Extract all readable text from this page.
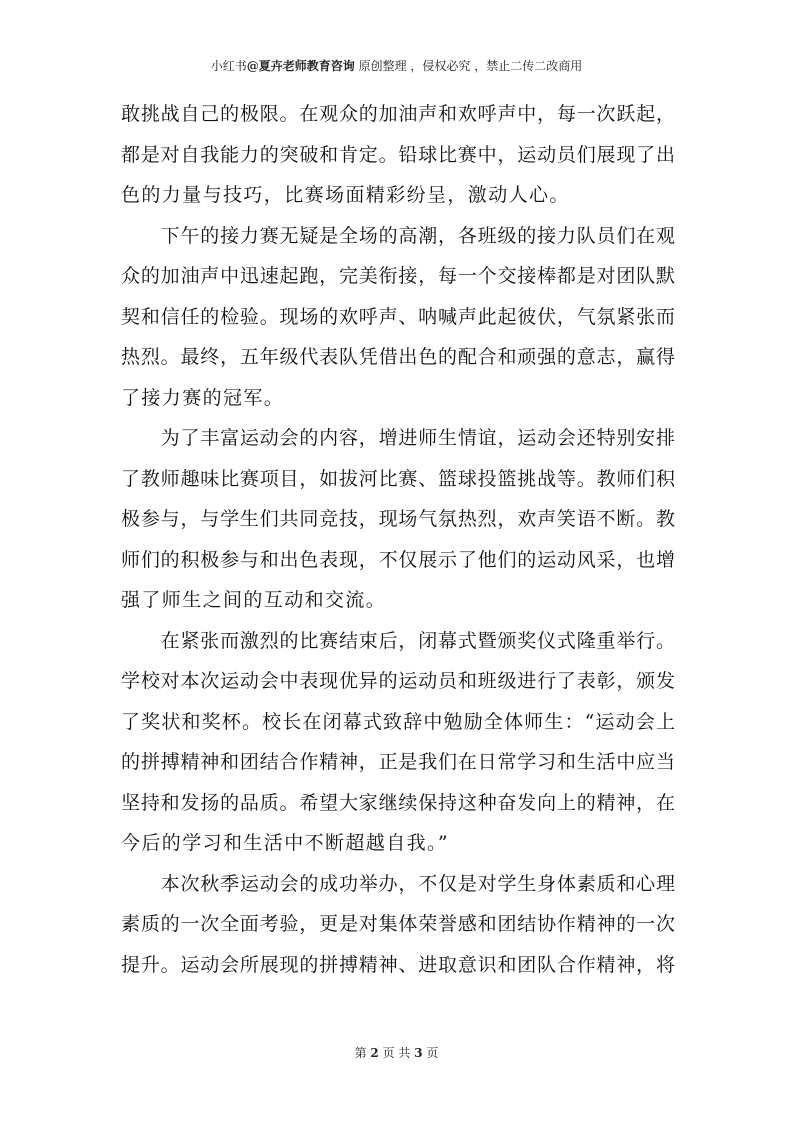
小红书@夏卉老师教育咨询 原创整理 ，侵权必究 ，禁止二传二改商用
敢挑战自己的极限。在观众的加油声和欢呼声中，每一次跃起，
都是对自我能力的突破和肯定。铅球比赛中，运动员们展现了出
色的力量与技巧，比赛场面精彩纷呈，激动人心。
　　下午的接力赛无疑是全场的高潮，各班级的接力队员们在观
众的加油声中迅速起跑，完美衔接，每一个交接棒都是对团队默
契和信任的检验。现场的欢呼声、呐喊声此起彼伏，气氛紧张而
热烈。最终，五年级代表队凭借出色的配合和顽强的意志，赢得
了接力赛的冠军。
　　为了丰富运动会的内容，增进师生情谊，运动会还特别安排
了教师趣味比赛项目，如拔河比赛、篮球投篮挑战等。教师们积
极参与，与学生们共同竞技，现场气氛热烈，欢声笑语不断。教
师们的积极参与和出色表现，不仅展示了他们的运动风采，也增
强了师生之间的互动和交流。
　　在紧张而激烈的比赛结束后，闭幕式暨颁奖仪式隆重举行。
学校对本次运动会中表现优异的运动员和班级进行了表彰，颁发
了奖状和奖杯。校长在闭幕式致辞中勉励全体师生：“运动会上
的拼搏精神和团结合作精神，正是我们在日常学习和生活中应当
坚持和发扬的品质。希望大家继续保持这种奋发向上的精神，在
今后的学习和生活中不断超越自我。”
　　本次秋季运动会的成功举办，不仅是对学生身体素质和心理
素质的一次全面考验，更是对集体荣誉感和团结协作精神的一次
提升。运动会所展现的拼搏精神、进取意识和团队合作精神，将
第 2 页 共 3 页
